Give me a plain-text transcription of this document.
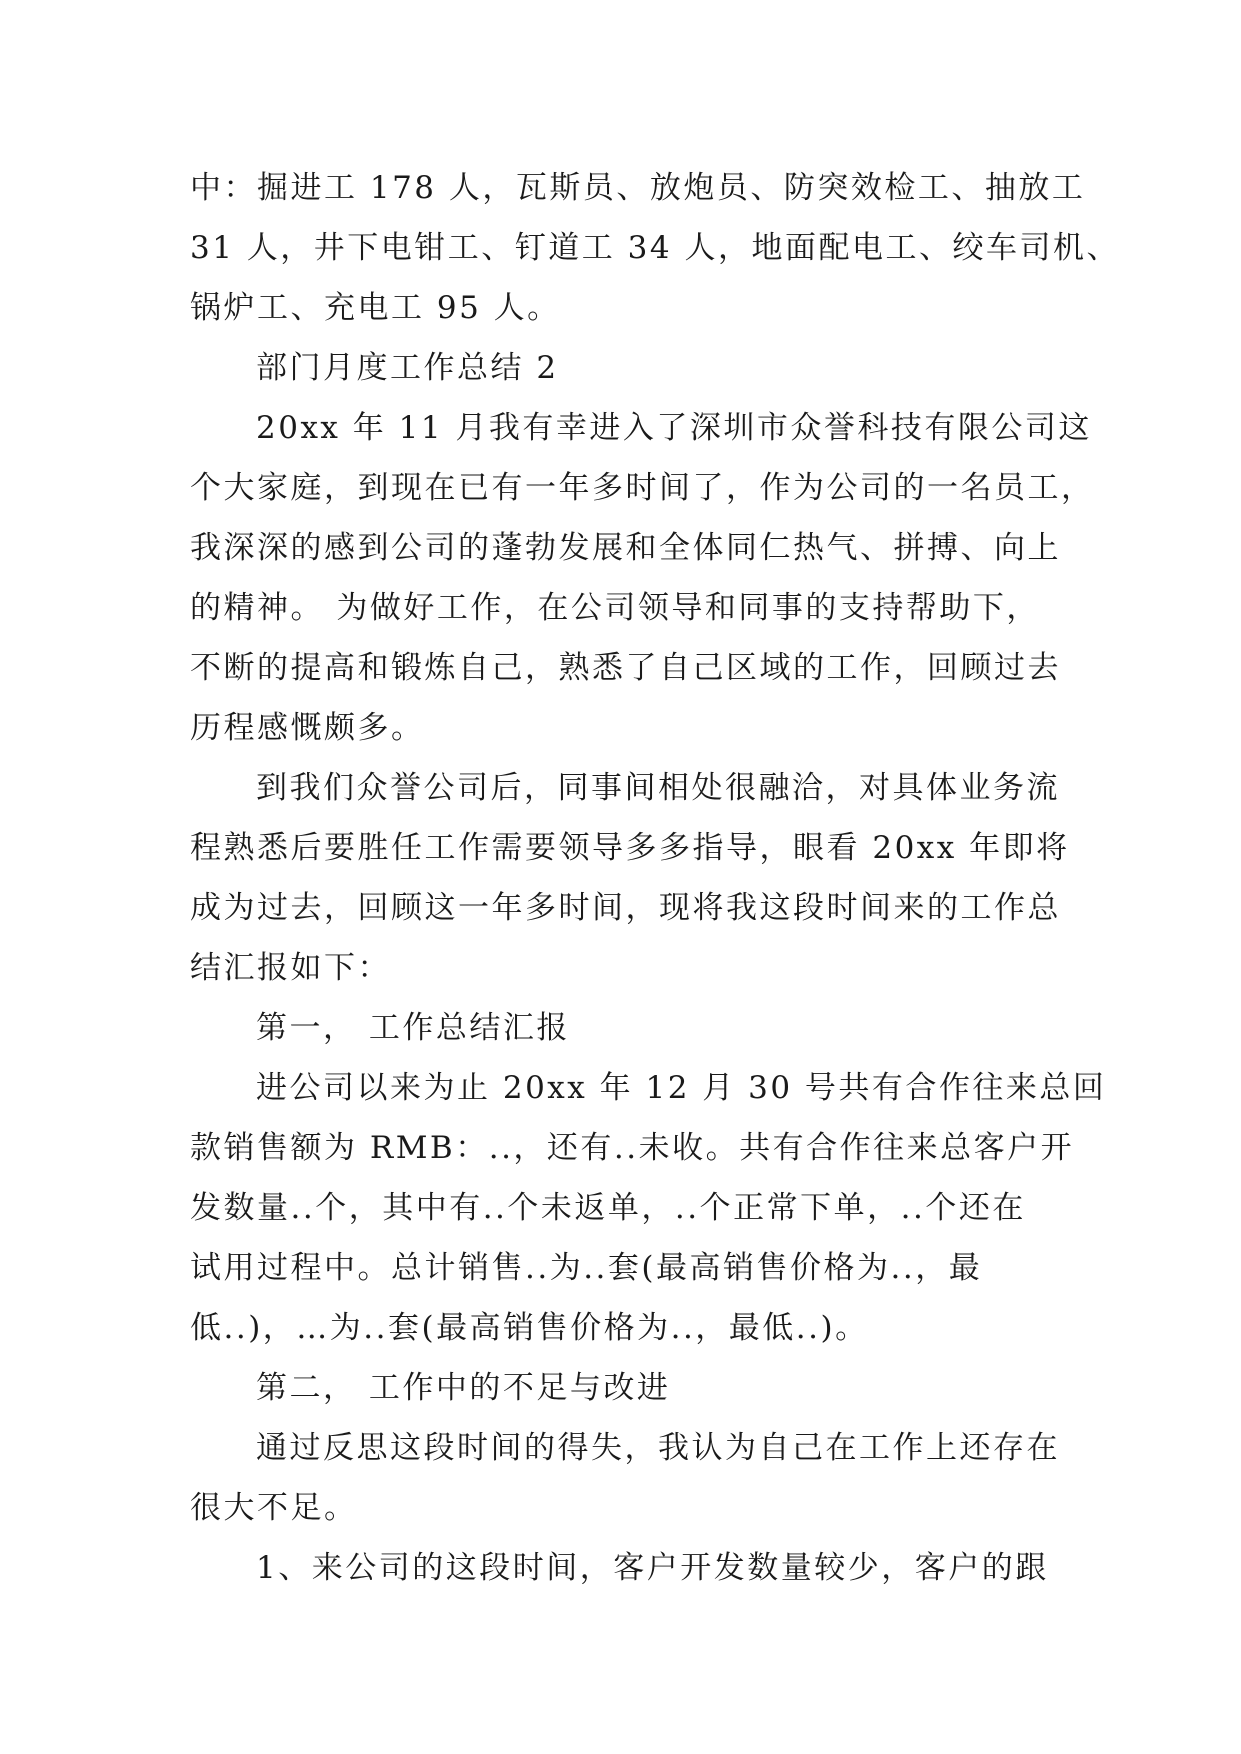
中：掘进工 178 人，瓦斯员、放炮员、防突效检工、抽放工
31 人，井下电钳工、钉道工 34 人，地面配电工、绞车司机、
锅炉工、充电工 95 人。
部门月度工作总结 2
20xx 年 11 月我有幸进入了深圳市众誉科技有限公司这
个大家庭，到现在已有一年多时间了，作为公司的一名员工，
我深深的感到公司的蓬勃发展和全体同仁热气、拼搏、向上
的精神。 为做好工作，在公司领导和同事的支持帮助下，
不断的提高和锻炼自己，熟悉了自己区域的工作，回顾过去
历程感慨颇多。
到我们众誉公司后，同事间相处很融洽，对具体业务流
程熟悉后要胜任工作需要领导多多指导，眼看 20xx 年即将
成为过去，回顾这一年多时间，现将我这段时间来的工作总
结汇报如下：
第一， 工作总结汇报
进公司以来为止 20xx 年 12 月 30 号共有合作往来总回
款销售额为 RMB：..，还有..未收。共有合作往来总客户开
发数量..个，其中有..个未返单，..个正常下单，..个还在
试用过程中。总计销售..为..套(最高销售价格为..，最
低..)，…为..套(最高销售价格为..，最低..)。
第二， 工作中的不足与改进
通过反思这段时间的得失，我认为自己在工作上还存在
很大不足。
1、来公司的这段时间，客户开发数量较少，客户的跟
